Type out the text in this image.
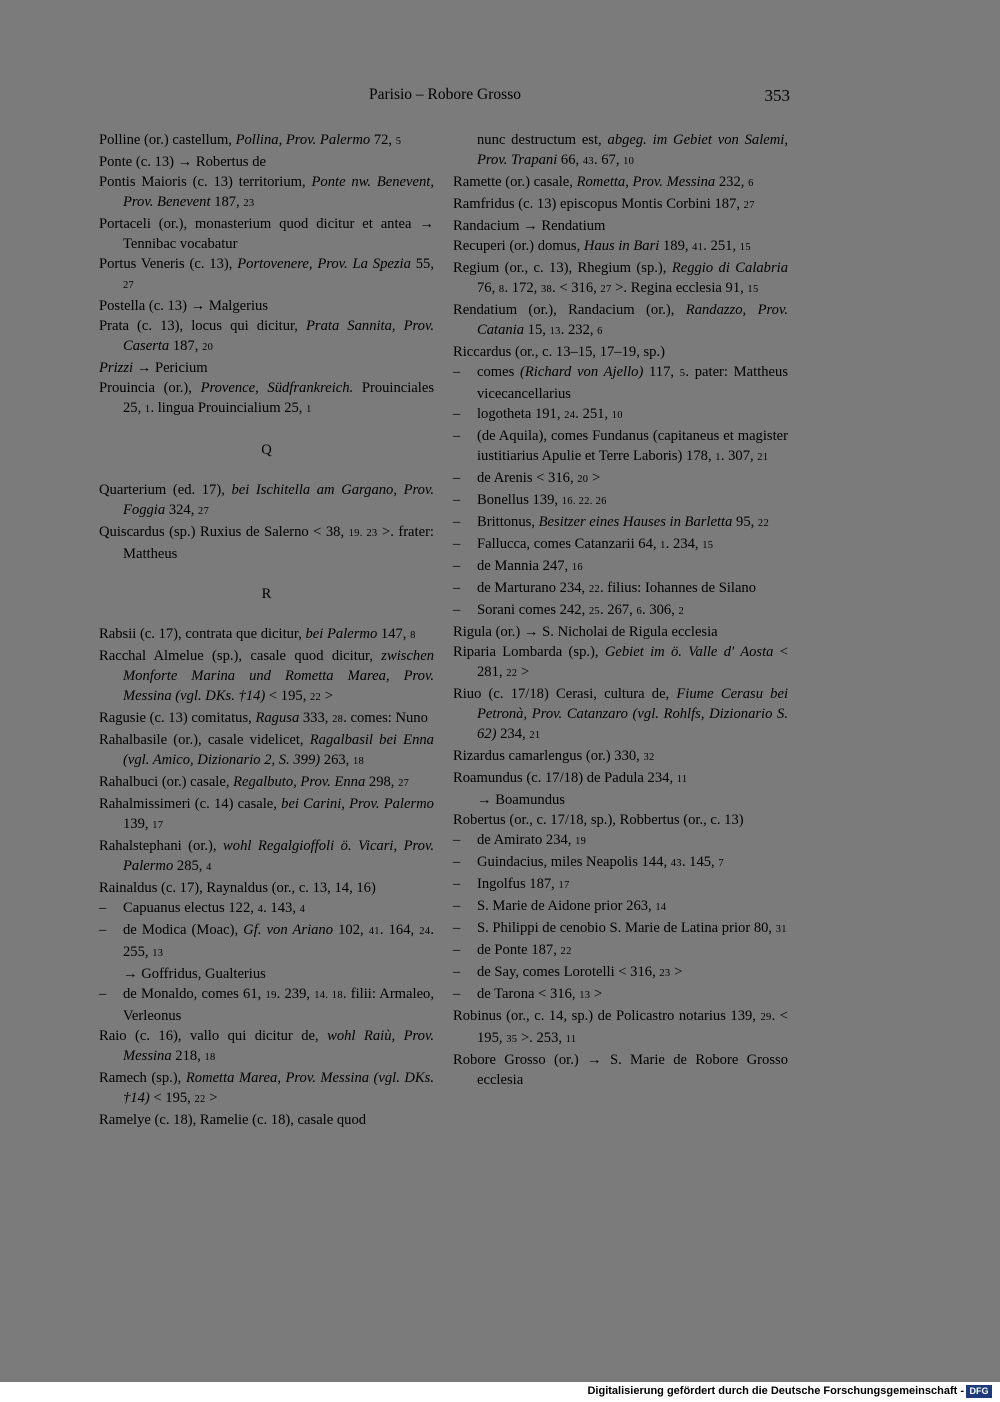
Parisio – Robore Grosso	353

Polline (or.) castellum, Pollina, Prov. Palermo 72, 5

Ponte (c. 13) → Robertus de

Pontis Maioris (c. 13) territorium, Ponte nw. Benevent, Prov. Benevent 187, 23

Portaceli (or.), monasterium quod dicitur et antea → Tennibac vocabatur

Portus Veneris (c. 13), Portovenere, Prov. La Spezia 55, 27

Postella (c. 13) → Malgerius

Prata (c. 13), locus qui dicitur, Prata Sannita, Prov. Caserta 187, 20

Prizzi → Pericium

Prouincia (or.), Provence, Südfrankreich. Prouinciales 25, 1. lingua Prouincialium 25, 1

Q

Quarterium (ed. 17), bei Ischitella am Gargano, Prov. Foggia 324, 27

Quiscardus (sp.) Ruxius de Salerno < 38, 19. 23 >. frater: Mattheus

R

Rabsii (c. 17), contrata que dicitur, bei Palermo 147, 8

Racchal Almelue (sp.), casale quod dicitur, zwischen Monforte Marina und Rometta Marea, Prov. Messina (vgl. DKs. †14) < 195, 22 >

Ragusie (c. 13) comitatus, Ragusa 333, 28. comes: Nuno

Rahalbasile (or.), casale videlicet, Ragalbasil bei Enna (vgl. Amico, Dizionario 2, S. 399) 263, 18

Rahalbuci (or.) casale, Regalbuto, Prov. Enna 298, 27

Rahalmissimeri (c. 14) casale, bei Carini, Prov. Palermo 139, 17

Rahalstephani (or.), wohl Regalgioffoli ö. Vicari, Prov. Palermo 285, 4

Rainaldus (c. 17), Raynaldus (or., c. 13, 14, 16)

– Capuanus electus 122, 4. 143, 4

– de Modica (Moac), Gf. von Ariano 102, 41. 164, 24. 255, 13

→ Goffridus, Gualterius

– de Monaldo, comes 61, 19. 239, 14. 18. filii: Armaleo, Verleonus

Raio (c. 16), vallo qui dicitur de, wohl Raiù, Prov. Messina 218, 18

Ramech (sp.), Rometta Marea, Prov. Messina (vgl. DKs. †14) < 195, 22 >

Ramelye (c. 18), Ramelie (c. 18), casale quod

nunc destructum est, abgeg. im Gebiet von Salemi, Prov. Trapani 66, 43. 67, 10

Ramette (or.) casale, Rometta, Prov. Messina 232, 6

Ramfridus (c. 13) episcopus Montis Corbini 187, 27

Randacium → Rendatium

Recuperi (or.) domus, Haus in Bari 189, 41. 251, 15

Regium (or., c. 13), Rhegium (sp.), Reggio di Calabria 76, 8. 172, 38. < 316, 27 >. Regina ecclesia 91, 15

Rendatium (or.), Randacium (or.), Randazzo, Prov. Catania 15, 13. 232, 6

Riccardus (or., c. 13–15, 17–19, sp.)

– comes (Richard von Ajello) 117, 5. pater: Mattheus vicecancellarius

– logotheta 191, 24. 251, 10

– (de Aquila), comes Fundanus (capitaneus et magister iustitiarius Apulie et Terre Laboris) 178, 1. 307, 21

– de Arenis < 316, 20 >

– Bonellus 139, 16. 22. 26

– Brittonus, Besitzer eines Hauses in Barletta 95, 22

– Fallucca, comes Catanzarii 64, 1. 234, 15

– de Mannia 247, 16

– de Marturano 234, 22. filius: Iohannes de Silano

– Sorani comes 242, 25. 267, 6. 306, 2

Rigula (or.) → S. Nicholai de Rigula ecclesia

Riparia Lombarda (sp.), Gebiet im ö. Valle d' Aosta < 281, 22 >

Riuo (c. 17/18) Cerasi, cultura de, Fiume Cerasu bei Petronà, Prov. Catanzaro (vgl. Rohlfs, Dizionario S. 62) 234, 21

Rizardus camarlengus (or.) 330, 32

Roamundus (c. 17/18) de Padula 234, 11

→ Boamundus

Robertus (or., c. 17/18, sp.), Robbertus (or., c. 13)

– de Amirato 234, 19

– Guindacius, miles Neapolis 144, 43. 145, 7

– Ingolfus 187, 17

– S. Marie de Aidone prior 263, 14

– S. Philippi de cenobio S. Marie de Latina prior 80, 31

– de Ponte 187, 22

– de Say, comes Lorotelli < 316, 23 >

– de Tarona < 316, 13 >

Robinus (or., c. 14, sp.) de Policastro notarius 139, 29. < 195, 35 >. 253, 11

Robore Grosso (or.) → S. Marie de Robore Grosso ecclesia

Digitalisierung gefördert durch die Deutsche Forschungsgemeinschaft - DFG
